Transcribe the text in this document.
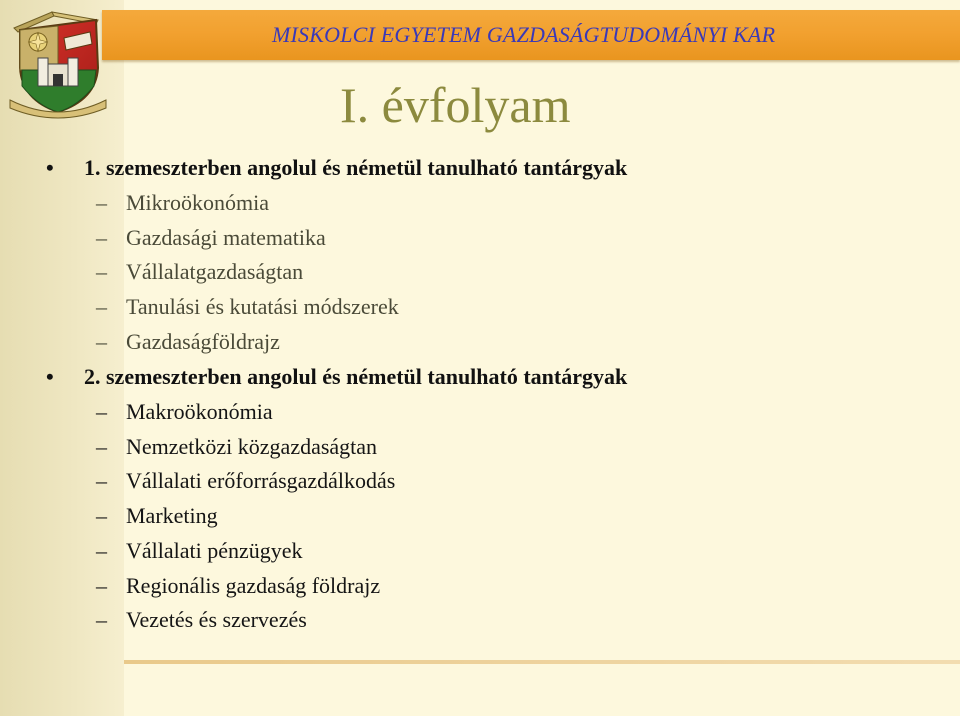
MISKOLCI EGYETEM GAZDASÁGTUDOMÁNYI KAR
I. évfolyam
• 1. szemeszterben angolul és németül tanulható tantárgyak
– Mikroökonómia
– Gazdasági matematika
– Vállalatgazdaságtan
– Tanulási és kutatási módszerek
– Gazdaságföldrajz
• 2. szemeszterben angolul és németül tanulható tantárgyak
– Makroökonómia
– Nemzetközi közgazdaságtan
– Vállalati erőforrásgazdálkodás
– Marketing
– Vállalati pénzügyek
– Regionális gazdaság földrajz
– Vezetés és szervezés
